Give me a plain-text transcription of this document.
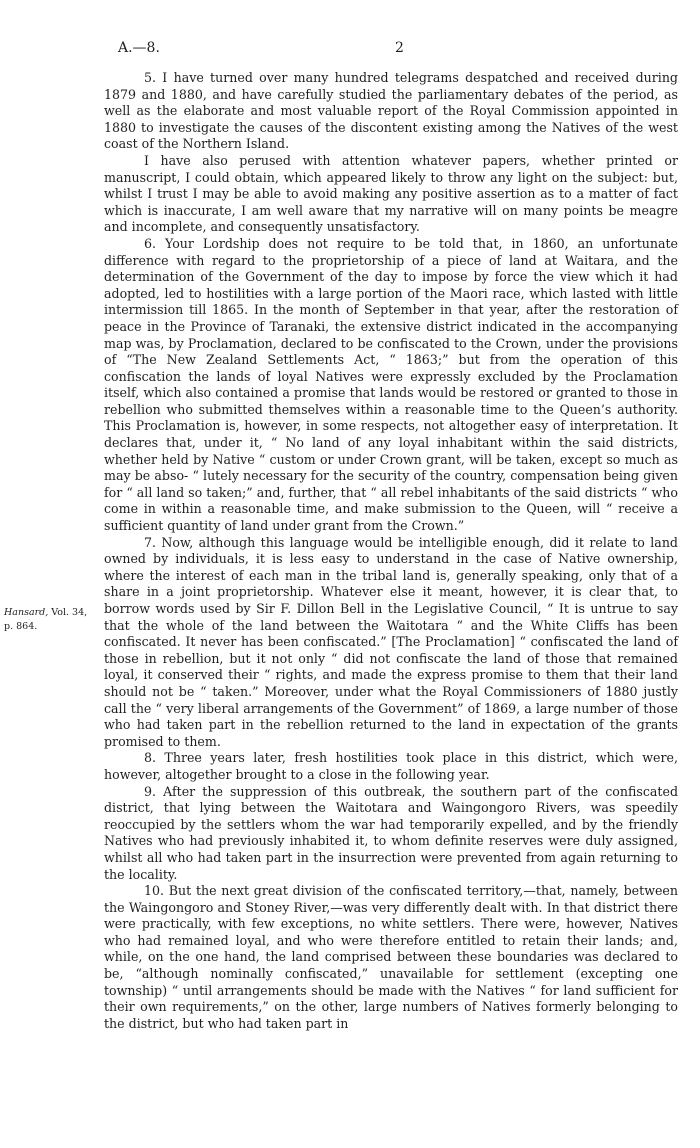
A.—8.	2
Hansard, Vol. 34,
p. 864.

5. I have turned over many hundred telegrams despatched and received during 1879 and 1880, and have carefully studied the parliamentary debates of the period, as well as the elaborate and most valuable report of the Royal Commission appointed in 1880 to investigate the causes of the discontent existing among the Natives of the west coast of the Northern Island.

I have also perused with attention whatever papers, whether printed or manuscript, I could obtain, which appeared likely to throw any light on the subject: but, whilst I trust I may be able to avoid making any positive assertion as to a matter of fact which is inaccurate, I am well aware that my narrative will on many points be meagre and incomplete, and consequently unsatisfactory.

6. Your Lordship does not require to be told that, in 1860, an unfortunate difference with regard to the proprietorship of a piece of land at Waitara, and the determination of the Government of the day to impose by force the view which it had adopted, led to hostilities with a large portion of the Maori race, which lasted with little intermission till 1865. In the month of September in that year, after the restoration of peace in the Province of Taranaki, the extensive district indicated in the accompanying map was, by Proclamation, declared to be confiscated to the Crown, under the provisions of “The New Zealand Settlements Act, “ 1863;” but from the operation of this confiscation the lands of loyal Natives were expressly excluded by the Proclamation itself, which also contained a promise that lands would be restored or granted to those in rebellion who submitted themselves within a reasonable time to the Queen’s authority. This Proclamation is, however, in some respects, not altogether easy of interpretation. It declares that, under it, “ No land of any loyal inhabitant within the said districts, whether held by Native “ custom or under Crown grant, will be taken, except so much as may be abso- “ lutely necessary for the security of the country, compensation being given for “ all land so taken;” and, further, that “ all rebel inhabitants of the said districts “ who come in within a reasonable time, and make submission to the Queen, will “ receive a sufficient quantity of land under grant from the Crown.”

7. Now, although this language would be intelligible enough, did it relate to land owned by individuals, it is less easy to understand in the case of Native ownership, where the interest of each man in the tribal land is, generally speaking, only that of a share in a joint proprietorship. Whatever else it meant, however, it is clear that, to borrow words used by Sir F. Dillon Bell in the Legislative Council, “ It is untrue to say that the whole of the land between the Waitotara “ and the White Cliffs has been confiscated. It never has been confiscated.” [The Proclamation] “ confiscated the land of those in rebellion, but it not only “ did not confiscate the land of those that remained loyal, it conserved their “ rights, and made the express promise to them that their land should not be “ taken.” Moreover, under what the Royal Commissioners of 1880 justly call the “ very liberal arrangements of the Government” of 1869, a large number of those who had taken part in the rebellion returned to the land in expectation of the grants promised to them.

8. Three years later, fresh hostilities took place in this district, which were, however, altogether brought to a close in the following year.

9. After the suppression of this outbreak, the southern part of the confiscated district, that lying between the Waitotara and Waingongoro Rivers, was speedily reoccupied by the settlers whom the war had temporarily expelled, and by the friendly Natives who had previously inhabited it, to whom definite reserves were duly assigned, whilst all who had taken part in the insurrection were prevented from again returning to the locality.

10. But the next great division of the confiscated territory,—that, namely, between the Waingongoro and Stoney River,—was very differently dealt with. In that district there were practically, with few exceptions, no white settlers. There were, however, Natives who had remained loyal, and who were therefore entitled to retain their lands; and, while, on the one hand, the land comprised between these boundaries was declared to be, “although nominally confiscated,” unavailable for settlement (excepting one township) “ until arrangements should be made with the Natives “ for land sufficient for their own requirements,” on the other, large numbers of Natives formerly belonging to the district, but who had taken part in
